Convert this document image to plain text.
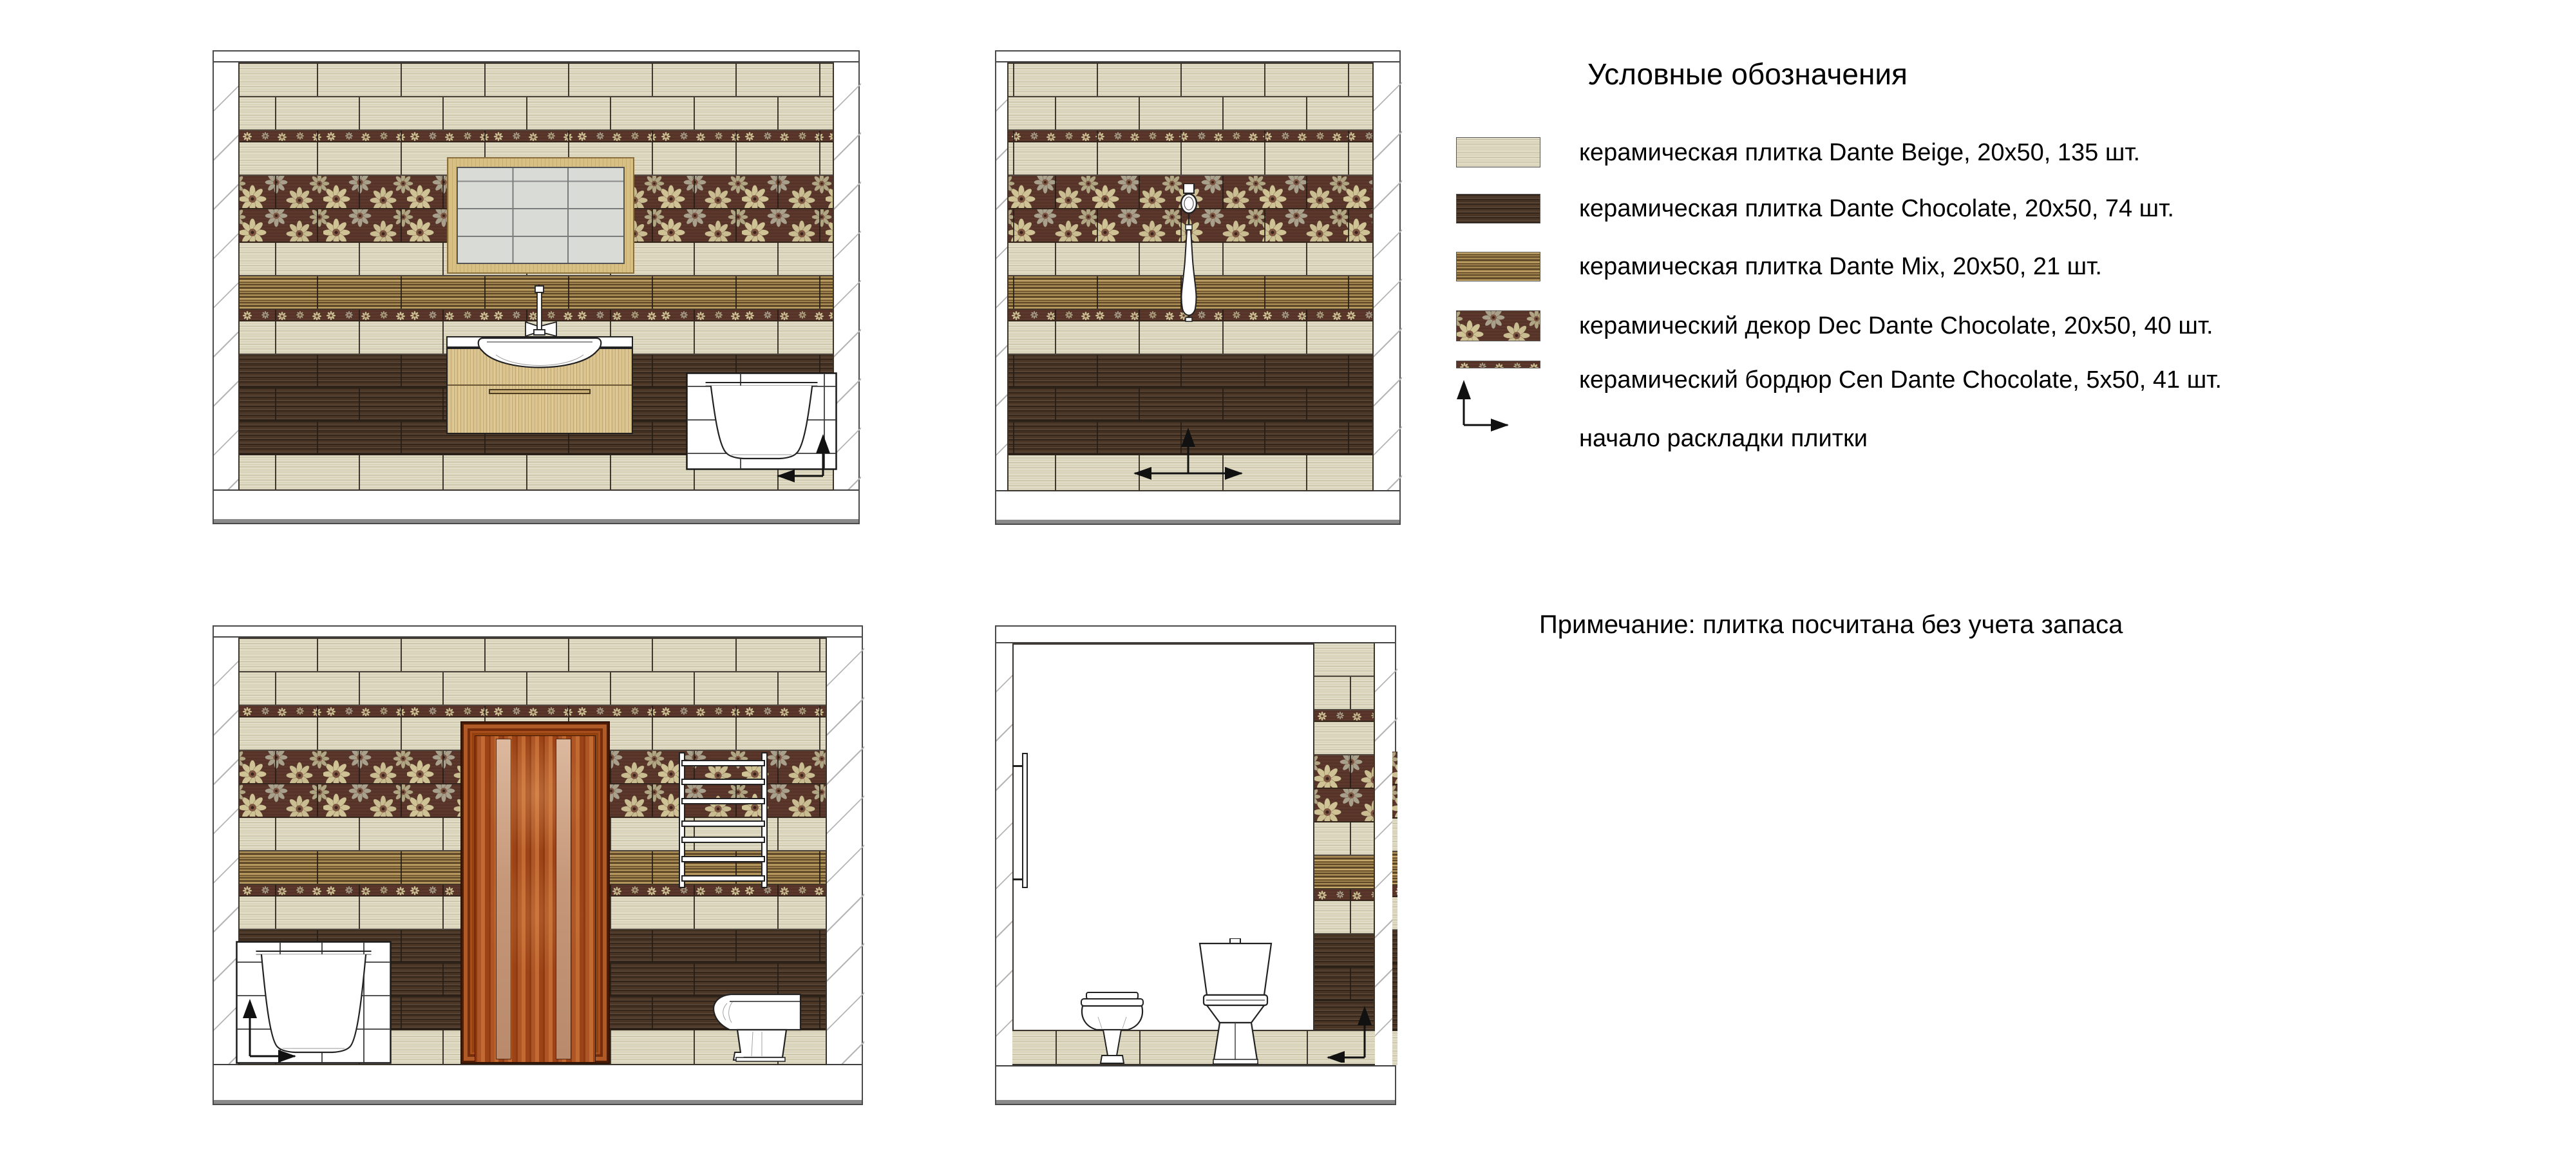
Условные обозначения
керамическая плитка Dante Beige, 20x50, 135 шт.
керамическая плитка Dante Chocolate, 20x50, 74 шт.
керамическая плитка Dante Mix, 20x50, 21 шт.
керамический декор Dec Dante Chocolate, 20x50, 40 шт.
керамический бордюр Cen Dante Chocolate, 5x50, 41 шт.
начало раскладки плитки
Примечание: плитка посчитана без учета запаса
